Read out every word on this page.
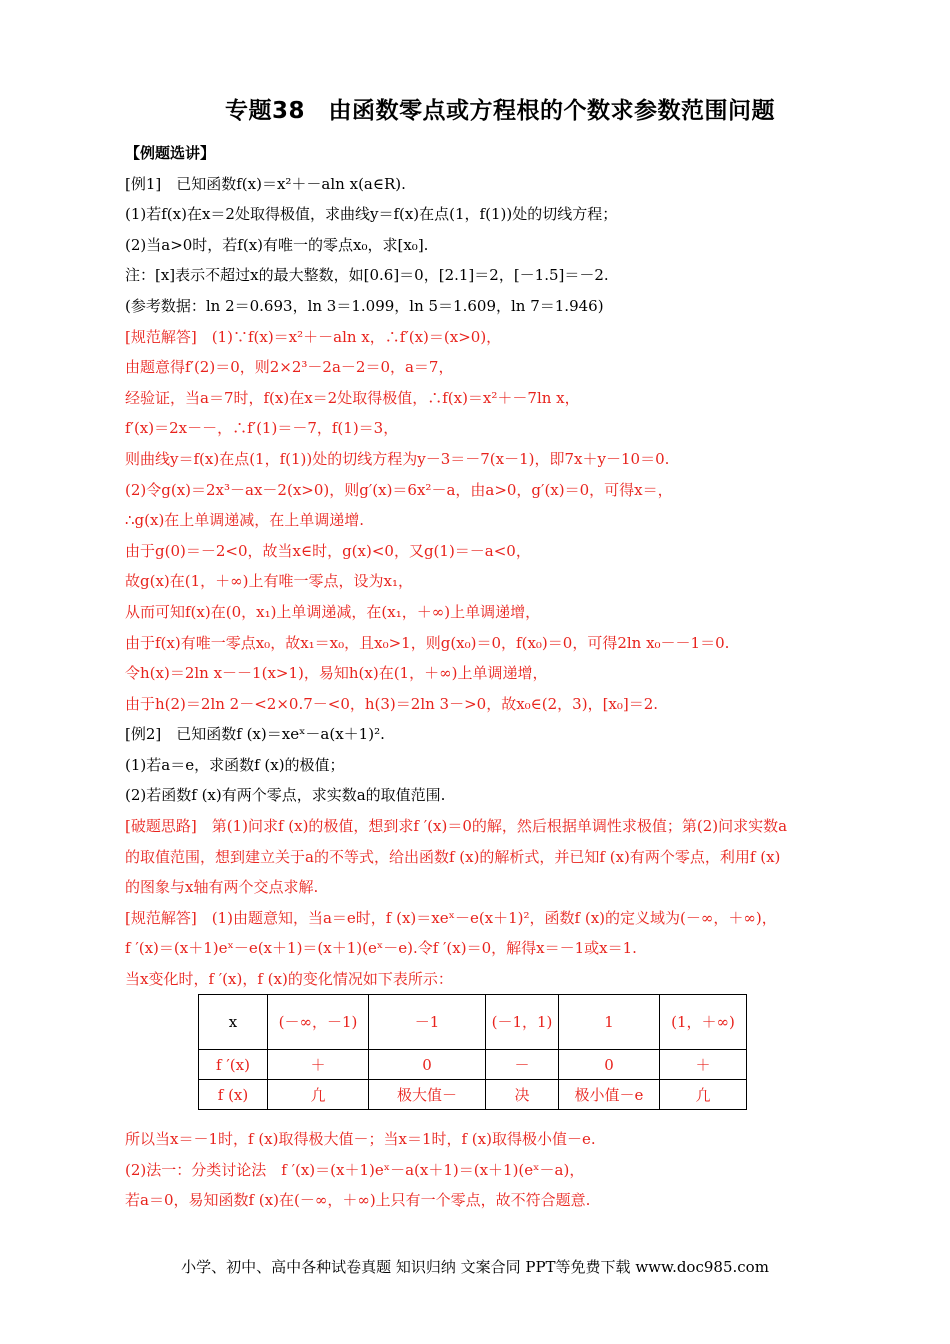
专题38　由函数零点或方程根的个数求参数范围问题
【例题选讲】
[例1]　已知函数f(x)＝x²＋－aln x(a∈R).
(1)若f(x)在x＝2处取得极值，求曲线y＝f(x)在点(1，f(1))处的切线方程；
(2)当a>0时，若f(x)有唯一的零点x₀，求[x₀].
注：[x]表示不超过x的最大整数，如[0.6]＝0，[2.1]＝2，[－1.5]＝－2.
(参考数据：ln 2＝0.693，ln 3＝1.099，ln 5＝1.609，ln 7＝1.946)
[规范解答]　(1)∵f(x)＝x²＋－aln x，∴f′(x)＝(x>0)，
由题意得f′(2)＝0，则2×2³－2a－2＝0，a＝7，
经验证，当a＝7时，f(x)在x＝2处取得极值，∴f(x)＝x²＋－7ln x，
f′(x)＝2x－－，∴f′(1)＝－7，f(1)＝3，
则曲线y＝f(x)在点(1，f(1))处的切线方程为y－3＝－7(x－1)，即7x＋y－10＝0.
(2)令g(x)＝2x³－ax－2(x>0)，则g′(x)＝6x²－a，由a>0，g′(x)＝0，可得x＝，
∴g(x)在上单调递减，在上单调递增.
由于g(0)＝－2<0，故当x∈时，g(x)<0，又g(1)＝－a<0，
故g(x)在(1，＋∞)上有唯一零点，设为x₁，
从而可知f(x)在(0，x₁)上单调递减，在(x₁，＋∞)上单调递增，
由于f(x)有唯一零点x₀，故x₁＝x₀，且x₀>1，则g(x₀)＝0，f(x₀)＝0，可得2ln x₀－－1＝0.
令h(x)＝2ln x－－1(x>1)，易知h(x)在(1，＋∞)上单调递增，
由于h(2)＝2ln 2－<2×0.7－<0，h(3)＝2ln 3－>0，故x₀∈(2，3)，[x₀]＝2.
[例2]　已知函数f (x)＝xeˣ－a(x＋1)².
(1)若a＝e，求函数f (x)的极值；
(2)若函数f (x)有两个零点，求实数a的取值范围.
[破题思路]　第(1)问求f (x)的极值，想到求f ′(x)＝0的解，然后根据单调性求极值；第(2)问求实数a
的取值范围，想到建立关于a的不等式，给出函数f (x)的解析式，并已知f (x)有两个零点，利用f (x)
的图象与x轴有两个交点求解.
[规范解答]　(1)由题意知，当a＝e时，f (x)＝xeˣ－e(x＋1)²，函数f (x)的定义域为(－∞，＋∞)，
f ′(x)＝(x＋1)eˣ－e(x＋1)＝(x＋1)(eˣ－e).令f ′(x)＝0，解得x＝－1或x＝1.
当x变化时，f ′(x)，f (x)的变化情况如下表所示：
x	(－∞，－1)	－1	(－1，1)	1	(1，＋∞)
f ′(x)	＋	0	－	0	＋
f (x)	凢	极大值－	决	极小值－e	凢
所以当x＝－1时，f (x)取得极大值－；当x＝1时，f (x)取得极小值－e.
(2)法一：分类讨论法　f ′(x)＝(x＋1)eˣ－a(x＋1)＝(x＋1)(eˣ－a)，
若a＝0，易知函数f (x)在(－∞，＋∞)上只有一个零点，故不符合题意.
小学、初中、高中各种试卷真题 知识归纳 文案合同 PPT等免费下载 www.doc985.com
